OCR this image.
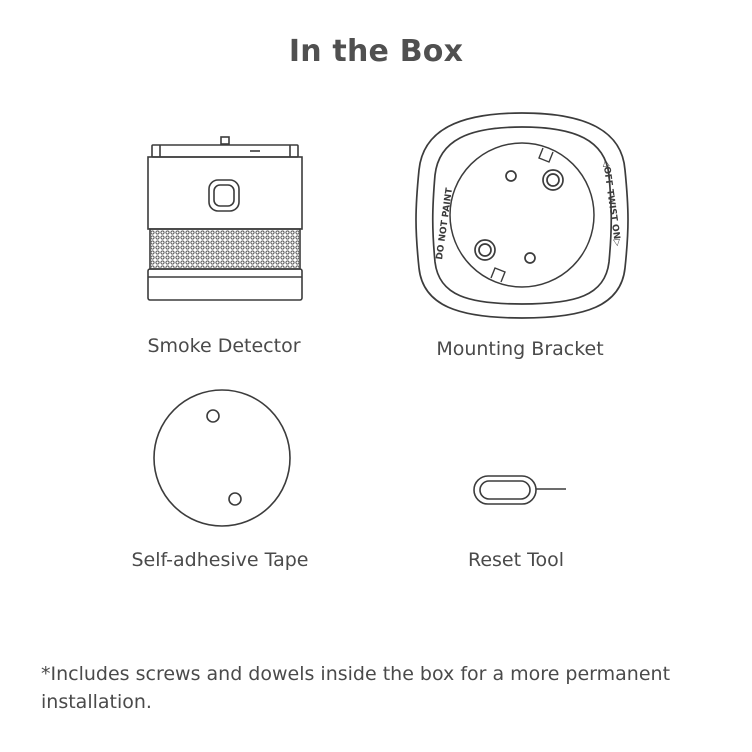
In the Box
DO NOT PAINT	◁OFF TWIST ON▷
Smoke Detector	Mounting Bracket
Self-adhesive Tape	Reset Tool
*Includes screws and dowels inside the box for a more permanent installation.
